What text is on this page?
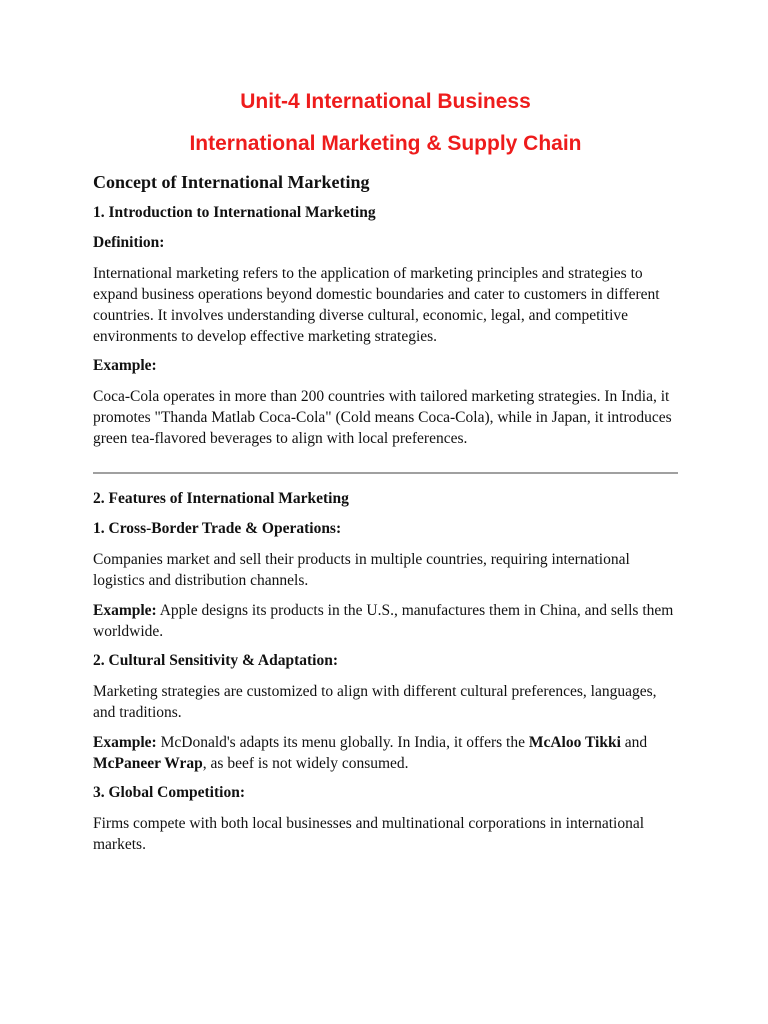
Unit-4 International Business
International Marketing & Supply Chain
Concept of International Marketing
1. Introduction to International Marketing
Definition:

International marketing refers to the application of marketing principles and strategies to expand business operations beyond domestic boundaries and cater to customers in different countries. It involves understanding diverse cultural, economic, legal, and competitive environments to develop effective marketing strategies.

Example:

Coca-Cola operates in more than 200 countries with tailored marketing strategies. In India, it promotes "Thanda Matlab Coca-Cola" (Cold means Coca-Cola), while in Japan, it introduces green tea-flavored beverages to align with local preferences.

2. Features of International Marketing
1. Cross-Border Trade & Operations:

Companies market and sell their products in multiple countries, requiring international logistics and distribution channels.

Example: Apple designs its products in the U.S., manufactures them in China, and sells them worldwide.

2. Cultural Sensitivity & Adaptation:

Marketing strategies are customized to align with different cultural preferences, languages, and traditions.

Example: McDonald's adapts its menu globally. In India, it offers the McAloo Tikki and McPaneer Wrap, as beef is not widely consumed.

3. Global Competition:

Firms compete with both local businesses and multinational corporations in international markets.
